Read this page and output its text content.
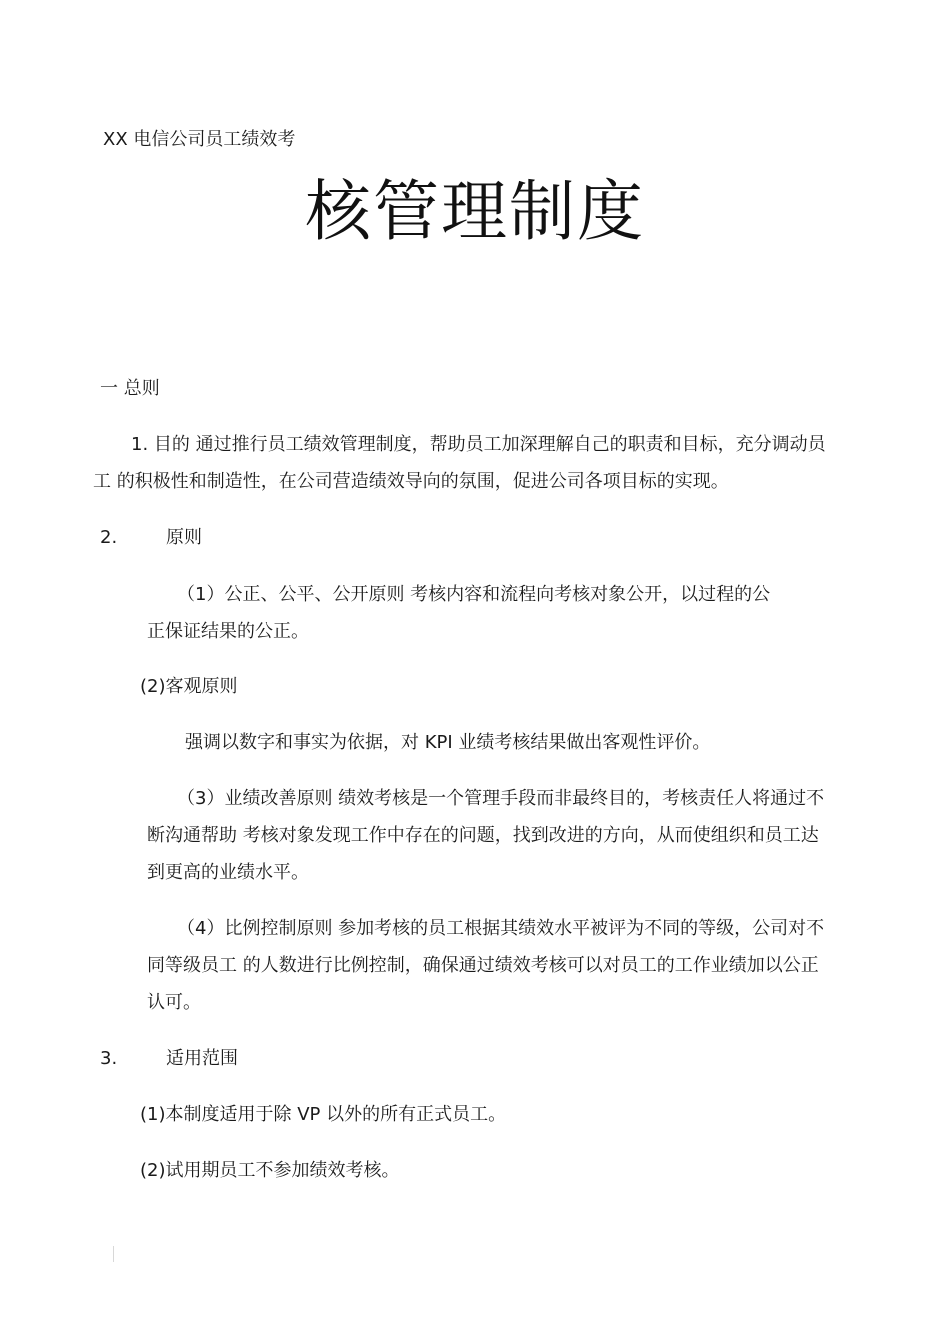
XX 电信公司员工绩效考

核管理制度

一 总则

1. 目的 通过推行员工绩效管理制度，帮助员工加深理解自己的职责和目标，充分调动员

工 的积极性和制造性，在公司营造绩效导向的氛围，促进公司各项目标的实现。

2.	原则

（1）公正、公平、公开原则 考核内容和流程向考核对象公开，以过程的公

正保证结果的公正。

(2)客观原则

强调以数字和事实为依据，对 KPI 业绩考核结果做出客观性评价。

（3）业绩改善原则 绩效考核是一个管理手段而非最终目的，考核责任人将通过不

断沟通帮助 考核对象发现工作中存在的问题，找到改进的方向，从而使组织和员工达

到更高的业绩水平。

（4）比例控制原则 参加考核的员工根据其绩效水平被评为不同的等级，公司对不

同等级员工 的人数进行比例控制，确保通过绩效考核可以对员工的工作业绩加以公正

认可。

3.	适用范围

(1)本制度适用于除 VP 以外的所有正式员工。

(2)试用期员工不参加绩效考核。
